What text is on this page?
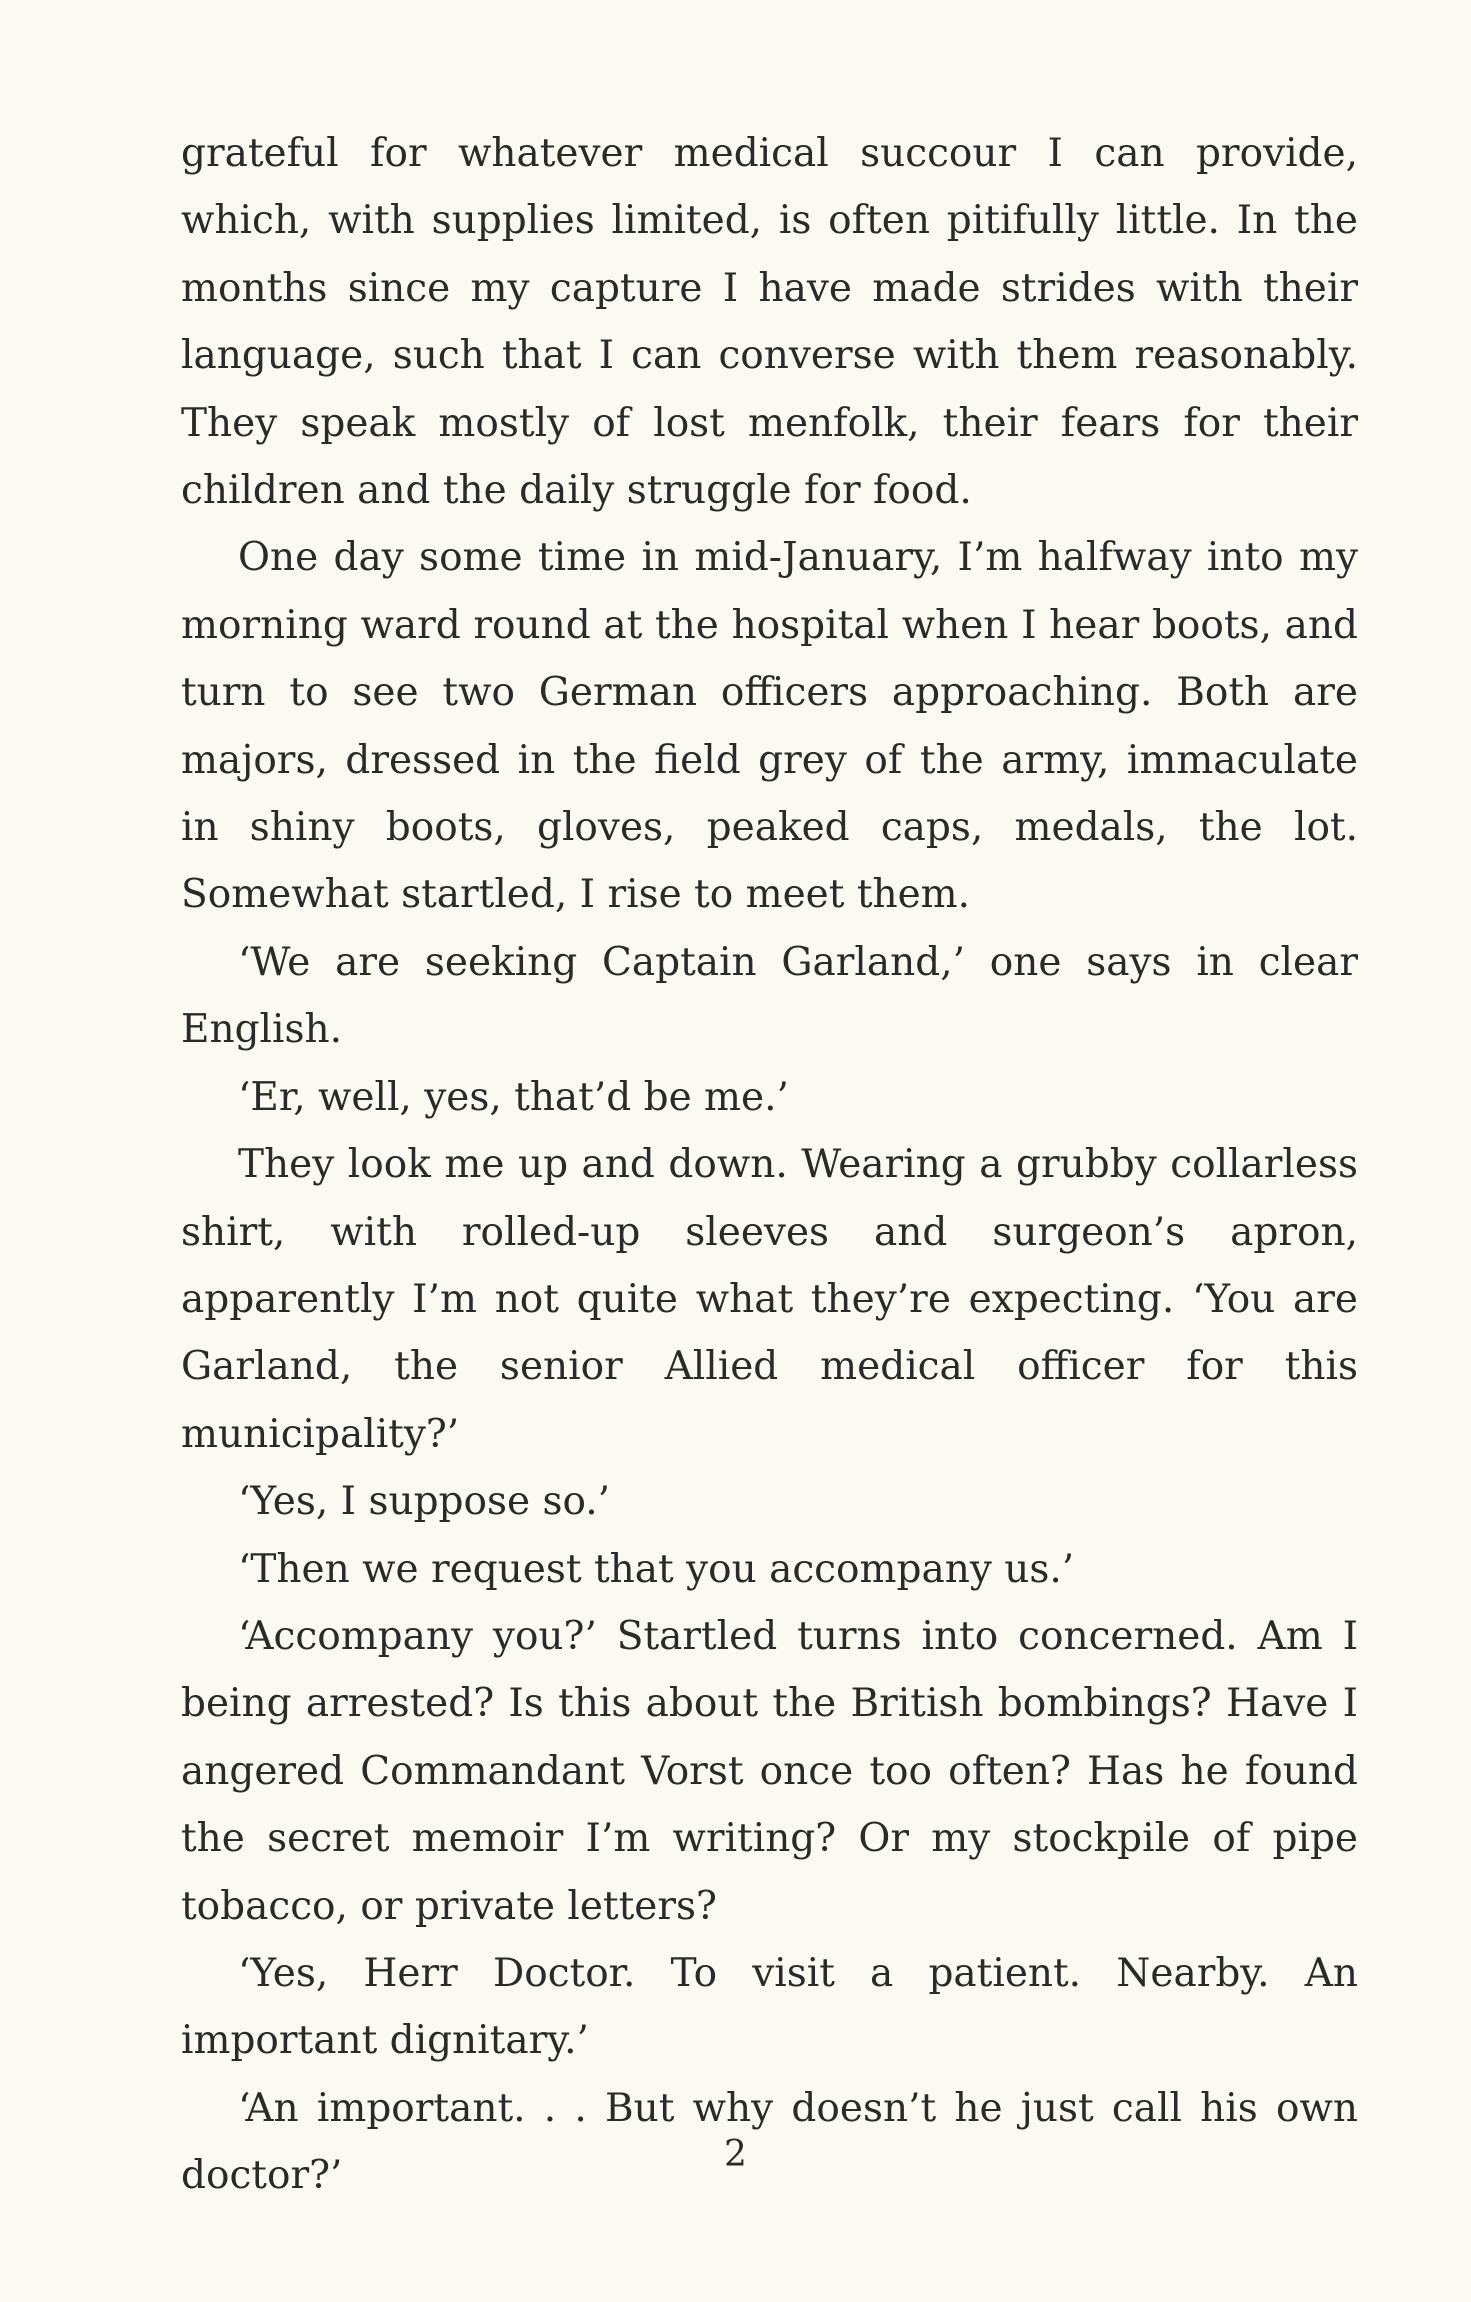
grateful for whatever medical succour I can provide, which, with supplies limited, is often pitifully little. In the months since my capture I have made strides with their language, such that I can converse with them reasonably. They speak mostly of lost menfolk, their fears for their children and the daily struggle for food.

One day some time in mid-January, I’m halfway into my morning ward round at the hospital when I hear boots, and turn to see two German officers approaching. Both are majors, dressed in the field grey of the army, immaculate in shiny boots, gloves, peaked caps, medals, the lot. Somewhat startled, I rise to meet them.

‘We are seeking Captain Garland,’ one says in clear English.

‘Er, well, yes, that’d be me.’

They look me up and down. Wearing a grubby collarless shirt, with rolled-up sleeves and surgeon’s apron, apparently I’m not quite what they’re expecting. ‘You are Garland, the senior Allied medical officer for this municipality?’

‘Yes, I suppose so.’

‘Then we request that you accompany us.’

‘Accompany you?’ Startled turns into concerned. Am I being arrested? Is this about the British bombings? Have I angered Commandant Vorst once too often? Has he found the secret memoir I’m writing? Or my stockpile of pipe tobacco, or private letters?

‘Yes, Herr Doctor. To visit a patient. Nearby. An important dignitary.’

‘An important. . . But why doesn’t he just call his own doctor?’	2
